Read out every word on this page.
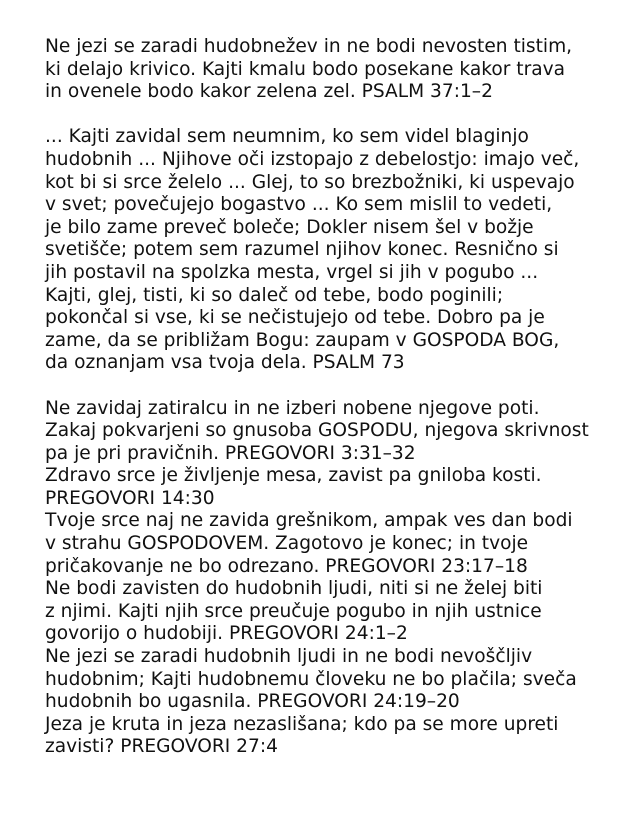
Ne jezi se zaradi hudobnežev in ne bodi nevosten tistim,
ki delajo krivico. Kajti kmalu bodo posekane kakor trava
in ovenele bodo kakor zelena zel. PSALM 37:1–2

... Kajti zavidal sem neumnim, ko sem videl blaginjo
hudobnih ... Njihove oči izstopajo z debelostjo: imajo več,
kot bi si srce želelo ... Glej, to so brezbožniki, ki uspevajo
v svet; povečujejo bogastvo ... Ko sem mislil to vedeti,
je bilo zame preveč boleče; Dokler nisem šel v božje
svetišče; potem sem razumel njihov konec. Resnično si
jih postavil na spolzka mesta, vrgel si jih v pogubo ...
Kajti, glej, tisti, ki so daleč od tebe, bodo poginili;
pokončal si vse, ki se nečistujejo od tebe. Dobro pa je
zame, da se približam Bogu: zaupam v GOSPODA BOG,
da oznanjam vsa tvoja dela. PSALM 73

Ne zavidaj zatiralcu in ne izberi nobene njegove poti.
Zakaj pokvarjeni so gnusoba GOSPODU, njegova skrivnost
pa je pri pravičnih. PREGOVORI 3:31–32
Zdravo srce je življenje mesa, zavist pa gniloba kosti.
PREGOVORI 14:30
Tvoje srce naj ne zavida grešnikom, ampak ves dan bodi
v strahu GOSPODOVEM. Zagotovo je konec; in tvoje
pričakovanje ne bo odrezano. PREGOVORI 23:17–18
Ne bodi zavisten do hudobnih ljudi, niti si ne želej biti
z njimi. Kajti njih srce preučuje pogubo in njih ustnice
govorijo o hudobiji. PREGOVORI 24:1–2
Ne jezi se zaradi hudobnih ljudi in ne bodi nevoščljiv
hudobnim; Kajti hudobnemu človeku ne bo plačila; sveča
hudobnih bo ugasnila. PREGOVORI 24:19–20
Jeza je kruta in jeza nezaslišana; kdo pa se more upreti
zavisti? PREGOVORI 27:4
